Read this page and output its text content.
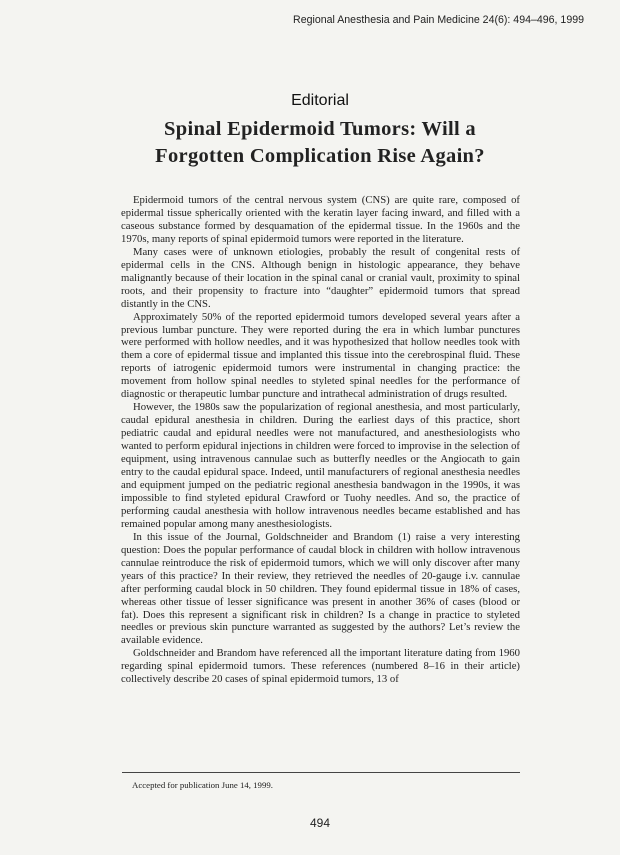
Regional Anesthesia and Pain Medicine 24(6): 494–496, 1999
Editorial
Spinal Epidermoid Tumors: Will a
Forgotten Complication Rise Again?

Epidermoid tumors of the central nervous system (CNS) are quite rare, composed of epidermal tissue spherically oriented with the keratin layer facing inward, and filled with a caseous substance formed by desquamation of the epidermal tissue. In the 1960s and the 1970s, many reports of spinal epidermoid tumors were reported in the literature.

Many cases were of unknown etiologies, probably the result of congenital rests of epidermal cells in the CNS. Although benign in histologic appearance, they behave malignantly because of their location in the spinal canal or cranial vault, proximity to spinal roots, and their propensity to fracture into “daughter” epidermoid tumors that spread distantly in the CNS.

Approximately 50% of the reported epidermoid tumors developed several years after a previous lumbar puncture. They were reported during the era in which lumbar punctures were performed with hollow needles, and it was hypothesized that hollow needles took with them a core of epidermal tissue and implanted this tissue into the cerebrospinal fluid. These reports of iatrogenic epidermoid tumors were instrumental in changing practice: the movement from hollow spinal needles to styleted spinal needles for the performance of diagnostic or therapeutic lumbar puncture and intrathecal administration of drugs resulted.

However, the 1980s saw the popularization of regional anesthesia, and most particularly, caudal epidural anesthesia in children. During the earliest days of this practice, short pediatric caudal and epidural needles were not manufactured, and anesthesiologists who wanted to perform epidural injections in children were forced to improvise in the selection of equipment, using intravenous cannulae such as butterfly needles or the Angiocath to gain entry to the caudal epidural space. Indeed, until manufacturers of regional anesthesia needles and equipment jumped on the pediatric regional anesthesia bandwagon in the 1990s, it was impossible to find styleted epidural Crawford or Tuohy needles. And so, the practice of performing caudal anesthesia with hollow intravenous needles became established and has remained popular among many anesthesiologists.

In this issue of the Journal, Goldschneider and Brandom (1) raise a very interesting question: Does the popular performance of caudal block in children with hollow intravenous cannulae reintroduce the risk of epidermoid tumors, which we will only discover after many years of this practice? In their review, they retrieved the needles of 20-gauge i.v. cannulae after performing caudal block in 50 children. They found epidermal tissue in 18% of cases, whereas other tissue of lesser significance was present in another 36% of cases (blood or fat). Does this represent a significant risk in children? Is a change in practice to styleted needles or previous skin puncture warranted as suggested by the authors? Let’s review the available evidence.

Goldschneider and Brandom have referenced all the important literature dating from 1960 regarding spinal epidermoid tumors. These references (numbered 8–16 in their article) collectively describe 20 cases of spinal epidermoid tumors, 13 of

Accepted for publication June 14, 1999.
494
